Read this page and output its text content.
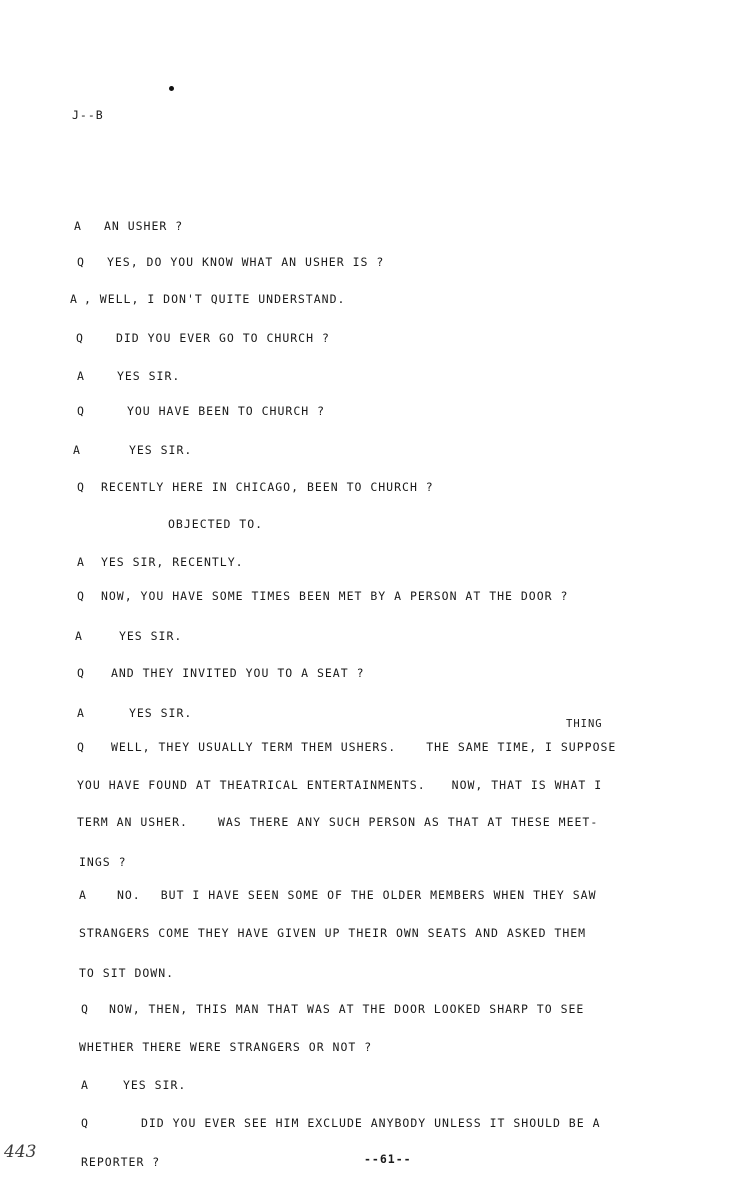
J--B
A AN USHER ?
Q YES, DO YOU KNOW WHAT AN USHER IS ?
A , WELL, I DON'T QUITE UNDERSTAND.
Q	DID YOU EVER GO TO CHURCH ?
A	YES SIR.
Q	YOU HAVE BEEN TO CHURCH ?
A	YES SIR.
Q RECENTLY HERE IN CHICAGO, BEEN TO CHURCH ?
OBJECTED TO.
A YES SIR, RECENTLY.
Q NOW, YOU HAVE SOME TIMES BEEN MET BY A PERSON AT THE DOOR ?
A	YES SIR.
Q AND THEY INVITED YOU TO A SEAT ?
A	YES SIR.
THING
Q WELL, THEY USUALLY TERM THEM USHERS.	THE SAME TIME, I SUPPOSE
YOU HAVE FOUND AT THEATRICAL ENTERTAINMENTS. NOW, THAT IS WHAT I
TERM AN USHER.	WAS THERE ANY SUCH PERSON AS THAT AT THESE MEET-
INGS ?
A	NO. BUT I HAVE SEEN SOME OF THE OLDER MEMBERS WHEN THEY SAW
STRANGERS COME THEY HAVE GIVEN UP THEIR OWN SEATS AND ASKED THEM
TO SIT DOWN.
Q NOW, THEN, THIS MAN THAT WAS AT THE DOOR LOOKED SHARP TO SEE
WHETHER THERE WERE STRANGERS OR NOT ?
A	YES SIR.
Q	DID YOU EVER SEE HIM EXCLUDE ANYBODY UNLESS IT SHOULD BE A
REPORTER ?	--61--
443
